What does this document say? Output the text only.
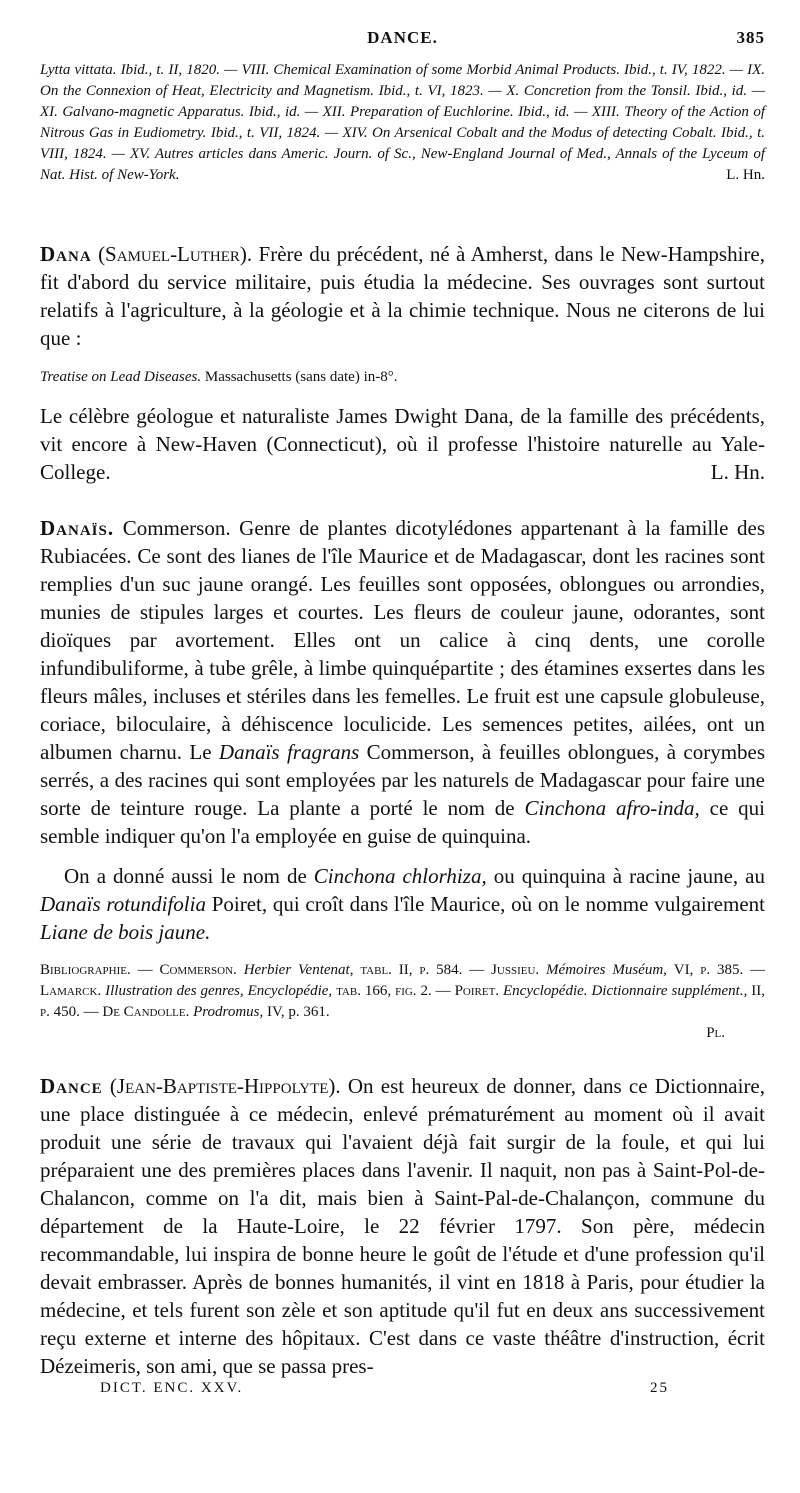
DANCE.	385
Lytta vittata. Ibid., t. II, 1820. — VIII. Chemical Examination of some Morbid Animal Products. Ibid., t. IV, 1822. — IX. On the Connexion of Heat, Electricity and Magnetism. Ibid., t. VI, 1823. — X. Concretion from the Tonsil. Ibid., id. — XI. Galvano-magnetic Apparatus. Ibid., id. — XII. Preparation of Euchlorine. Ibid., id. — XIII. Theory of the Action of Nitrous Gas in Eudiometry. Ibid., t. VII, 1824. — XIV. On Arsenical Cobalt and the Modus of detecting Cobalt. Ibid., t. VIII, 1824. — XV. Autres articles dans Americ. Journ. of Sc., New-England Journal of Med., Annals of the Lyceum of Nat. Hist. of New-York.	L. Hn.
Dana (Samuel-Luther). Frère du précédent, né à Amherst, dans le New-Hampshire, fit d'abord du service militaire, puis étudia la médecine. Ses ouvrages sont surtout relatifs à l'agriculture, à la géologie et à la chimie technique. Nous ne citerons de lui que :
Treatise on Lead Diseases. Massachusetts (sans date) in-8°.
Le célèbre géologue et naturaliste James Dwight Dana, de la famille des précédents, vit encore à New-Haven (Connecticut), où il professe l'histoire naturelle au Yale-College.	L. Hn.
Danaïs. Commerson. Genre de plantes dicotylédones appartenant à la famille des Rubiacées. Ce sont des lianes de l'île Maurice et de Madagascar, dont les racines sont remplies d'un suc jaune orangé. Les feuilles sont opposées, oblongues ou arrondies, munies de stipules larges et courtes. Les fleurs de couleur jaune, odorantes, sont dioïques par avortement. Elles ont un calice à cinq dents, une corolle infundibuliforme, à tube grêle, à limbe quinquépartite ; des étamines exsertes dans les fleurs mâles, incluses et stériles dans les femelles. Le fruit est une capsule globuleuse, coriace, biloculaire, à déhiscence loculicide. Les semences petites, ailées, ont un albumen charnu. Le Danaïs fragrans Commerson, à feuilles oblongues, à corymbes serrés, a des racines qui sont employées par les naturels de Madagascar pour faire une sorte de teinture rouge. La plante a porté le nom de Cinchona afro-inda, ce qui semble indiquer qu'on l'a employée en guise de quinquina.
On a donné aussi le nom de Cinchona chlorhiza, ou quinquina à racine jaune, au Danaïs rotundifolia Poiret, qui croît dans l'île Maurice, où on le nomme vulgairement Liane de bois jaune.
Bibliographie. — Commerson. Herbier Ventenat, tabl. II, p. 584. — Jussieu. Mémoires Muséum, VI, p. 385. — Lamarck. Illustration des genres, Encyclopédie, tab. 166, fig. 2. — Poiret. Encyclopédie. Dictionnaire supplément., II, p. 450. — De Candolle. Prodromus, IV, p. 361.
Pl.
Dance (Jean-Baptiste-Hippolyte). On est heureux de donner, dans ce Dictionnaire, une place distinguée à ce médecin, enlevé prématurément au moment où il avait produit une série de travaux qui l'avaient déjà fait surgir de la foule, et qui lui préparaient une des premières places dans l'avenir. Il naquit, non pas à Saint-Pol-de-Chalancon, comme on l'a dit, mais bien à Saint-Pal-de-Chalançon, commune du département de la Haute-Loire, le 22 février 1797. Son père, médecin recommandable, lui inspira de bonne heure le goût de l'étude et d'une profession qu'il devait embrasser. Après de bonnes humanités, il vint en 1818 à Paris, pour étudier la médecine, et tels furent son zèle et son aptitude qu'il fut en deux ans successivement reçu externe et interne des hôpitaux. C'est dans ce vaste théâtre d'instruction, écrit Dézeimeris, son ami, que se passa pres-
DICT. ENC. XXV.	25
